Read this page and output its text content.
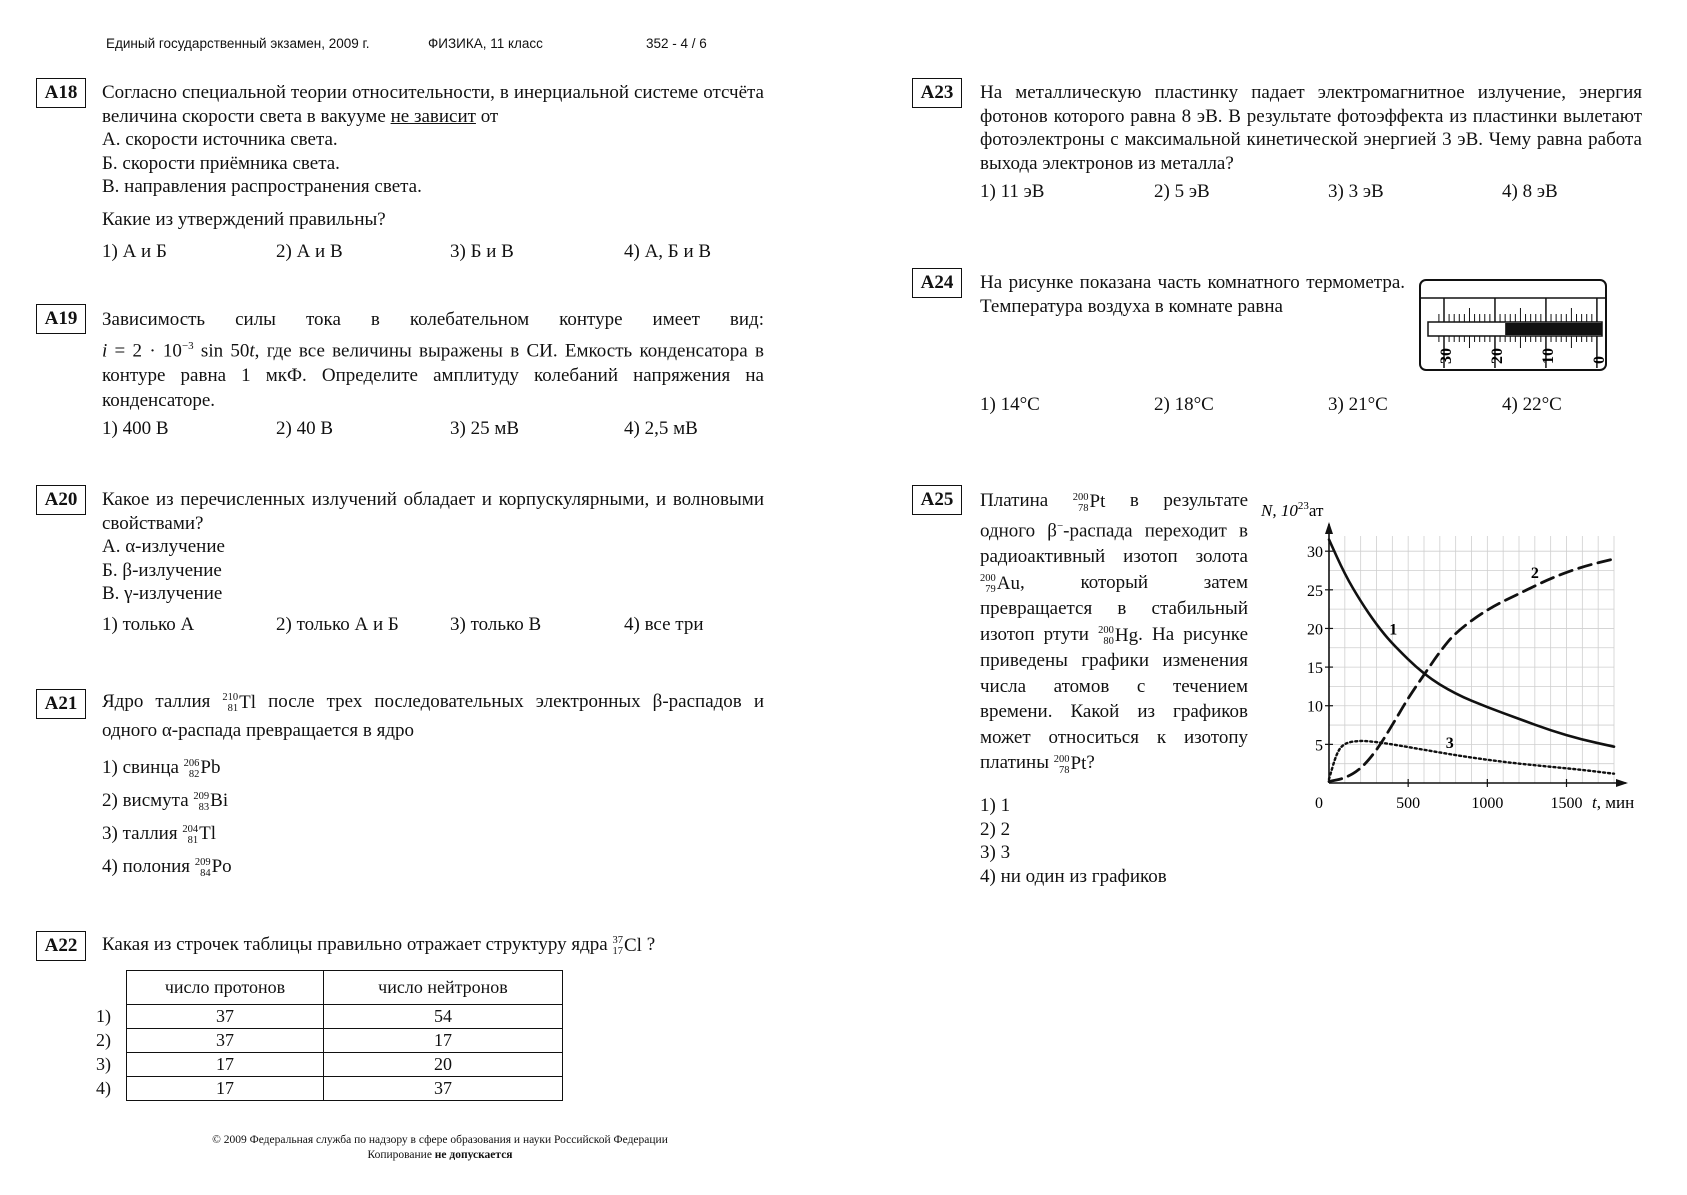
Единый государственный экзамен, 2009 г.	ФИЗИКА, 11 класс	352 - 4 / 6
A18	Согласно специальной теории относительности, в инерциальной системе отсчёта величина скорости света в вакууме не зависит от
А. скорости источника света.
Б. скорости приёмника света.
В. направления распространения света.
Какие из утверждений правильны?
1) А и Б	2) А и В	3) Б и В	4) А, Б и В
A19	Зависимость силы тока в колебательном контуре имеет вид:
$i = 2 \cdot 10^{-3}$ sin 50t, где все величины выражены в СИ. Емкость конденсатора в контуре равна 1 мкФ. Определите амплитуду колебаний напряжения на конденсаторе.
1) 400 В	2) 40 В	3) 25 мВ	4) 2,5 мВ
A20	Какое из перечисленных излучений обладает и корпускулярными, и волновыми свойствами?
А. α-излучение
Б. β-излучение
В. γ-излучение
1) только А	2) только А и Б	3) только В	4) все три
A21	Ядро таллия 210
81 Tl после трех последовательных электронных β-распадов и одного α-распада превращается в ядро
1) свинца 206
82 Pb
2) висмута 209
83 Bi
3) таллия 204
81 Tl
4) полония 209
84 Po
A22	Какая из строчек таблицы правильно отражает структуру ядра 37
17 Cl ?
	число протонов	число нейтронов
1)	37	54
2)	37	17
3)	17	20
4)	17	37
© 2009 Федеральная служба по надзору в сфере образования и науки Российской Федерации
Копирование не допускается
A23	На металлическую пластинку падает электромагнитное излучение, энергия фотонов которого равна 8 эВ. В результате фотоэффекта из пластинки вылетают фотоэлектроны с максимальной кинетической энергией 3 эВ. Чему равна работа выхода электронов из металла?
1) 11 эВ	2) 5 эВ	3) 3 эВ	4) 8 эВ
A24	На рисунке показана часть комнатного термометра. Температура воздуха в комнате равна
30 20 10 0
1) 14°C	2) 18°C	3) 21°C	4) 22°C
A25	Платина 200
78 Pt в результате одного β−-распада переходит в радиоактивный изотоп золота
200
79 Au, который затем превращается в стабильный изотоп ртути 200
80 Hg. На рисунке приведены графики изменения числа атомов с течением времени. Какой из графиков может относиться к изотопу платины 200
78 Pt?
1) 1
2) 2
3) 3
4) ни один из графиков
5
10
15
20
25
30
0	500	1000	1500
1
2
3
N, $10^{23}ат$
t, мин
